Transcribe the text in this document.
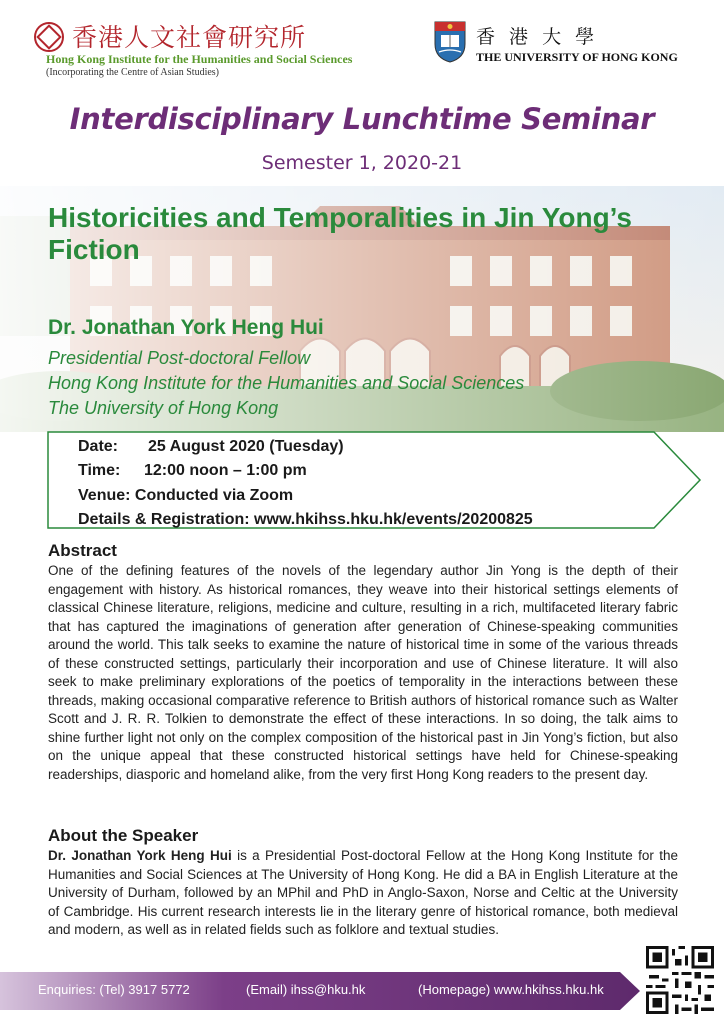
香港人文社會研究所
Hong Kong Institute for the Humanities and Social Sciences
(Incorporating the Centre of Asian Studies)
香 港 大 學
THE UNIVERSITY OF HONG KONG
Interdisciplinary Lunchtime Seminar
Semester 1, 2020-21
Historicities and Temporalities in Jin Yong’s Fiction
Dr. Jonathan York Heng Hui
Presidential Post-doctoral Fellow
Hong Kong Institute for the Humanities and Social Sciences
The University of Hong Kong
Date: 25 August 2020 (Tuesday)
Time: 12:00 noon – 1:00 pm
Venue: Conducted via Zoom
Details & Registration: www.hkihss.hku.hk/events/20200825
Abstract
One of the defining features of the novels of the legendary author Jin Yong is the depth of their engagement with history. As historical romances, they weave into their historical settings elements of classical Chinese literature, religions, medicine and culture, resulting in a rich, multifaceted literary fabric that has captured the imaginations of generation after generation of Chinese-speaking communities around the world. This talk seeks to examine the nature of historical time in some of the various threads of these constructed settings, particularly their incorporation and use of Chinese literature. It will also seek to make preliminary explorations of the poetics of temporality in the interactions between these threads, making occasional comparative reference to British authors of historical romance such as Walter Scott and J. R. R. Tolkien to demonstrate the effect of these interactions. In so doing, the talk aims to shine further light not only on the complex composition of the historical past in Jin Yong’s fiction, but also on the unique appeal that these constructed historical settings have held for Chinese-speaking readerships, diasporic and homeland alike, from the very first Hong Kong readers to the present day.
About the Speaker
Dr. Jonathan York Heng Hui is a Presidential Post-doctoral Fellow at the Hong Kong Institute for the Humanities and Social Sciences at The University of Hong Kong. He did a BA in English Literature at the University of Durham, followed by an MPhil and PhD in Anglo-Saxon, Norse and Celtic at the University of Cambridge. His current research interests lie in the literary genre of historical romance, both medieval and modern, as well as in related fields such as folklore and textual studies.
Enquiries: (Tel) 3917 5772	(Email) ihss@hku.hk	(Homepage) www.hkihss.hku.hk
